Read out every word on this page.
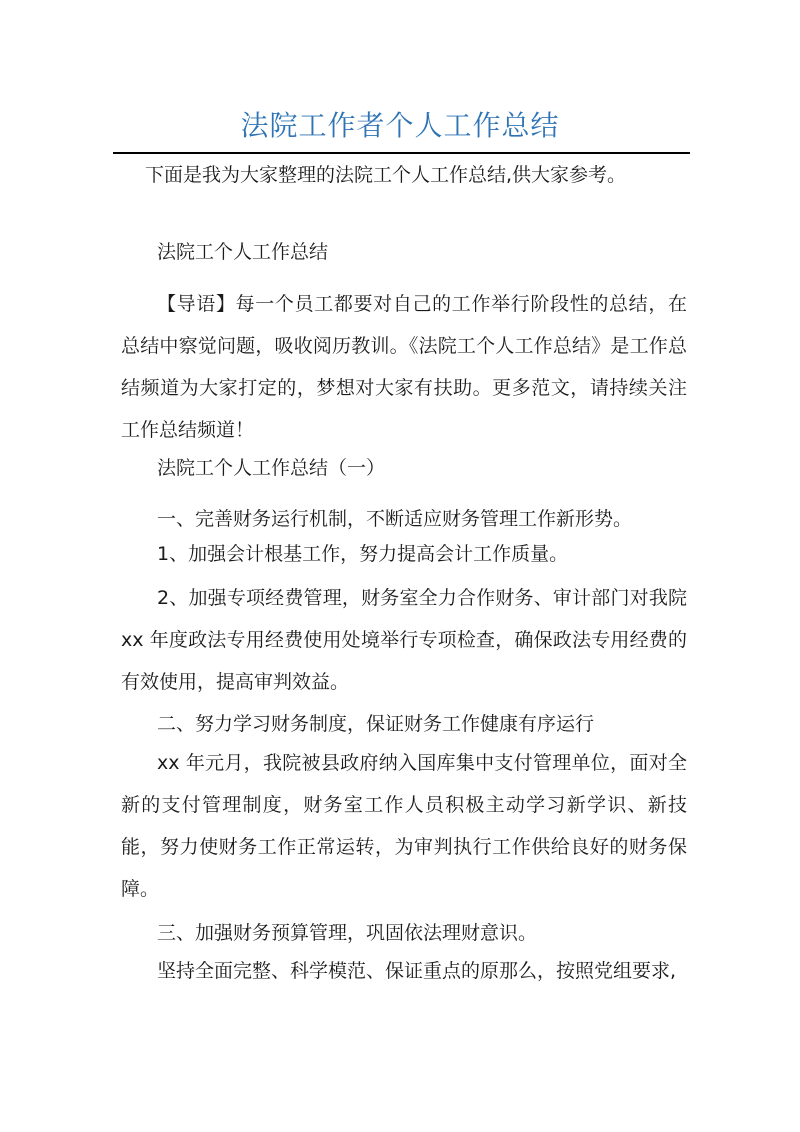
法院工作者个人工作总结

下面是我为大家整理的法院工个人工作总结,供大家参考。

法院工个人工作总结

【导语】每一个员工都要对自己的工作举行阶段性的总结，在总结中察觉问题，吸收阅历教训。《法院工个人工作总结》是工作总结频道为大家打定的，梦想对大家有扶助。更多范文，请持续关注工作总结频道！

法院工个人工作总结（一）

一、完善财务运行机制，不断适应财务管理工作新形势。

1、加强会计根基工作，努力提高会计工作质量。

2、加强专项经费管理，财务室全力合作财务、审计部门对我院 xx 年度政法专用经费使用处境举行专项检查，确保政法专用经费的有效使用，提高审判效益。

二、努力学习财务制度，保证财务工作健康有序运行

xx 年元月，我院被县政府纳入国库集中支付管理单位，面对全新的支付管理制度，财务室工作人员积极主动学习新学识、新技能，努力使财务工作正常运转，为审判执行工作供给良好的财务保障。

三、加强财务预算管理，巩固依法理财意识。

坚持全面完整、科学模范、保证重点的原那么，按照党组要求,
